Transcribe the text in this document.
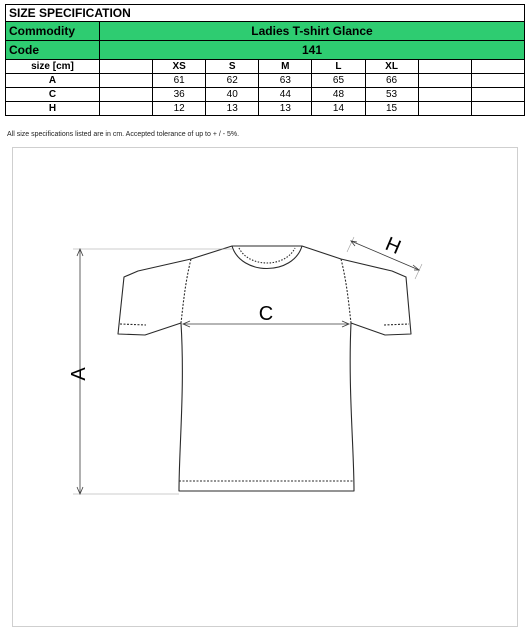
SIZE SPECIFICATION								
Commodity	Ladies T-shirt Glance							
Code	141							
size [cm]		XS	S	M	L	XL		
A		61	62	63	65	66		
C		36	40	44	48	53		
H		12	13	13	14	15		
All size specifications listed are in cm. Accepted tolerance of up to + / - 5%.
A
C
H
